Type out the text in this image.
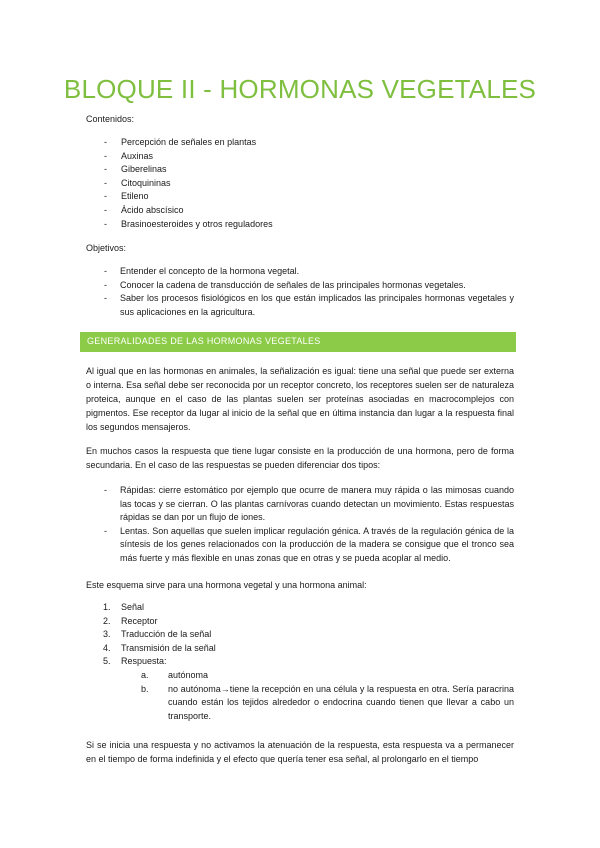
BLOQUE II - HORMONAS VEGETALES

Contenidos:

- Percepción de señales en plantas
- Auxinas
- Giberelinas
- Citoquininas
- Etileno
- Ácido abscísico
- Brasinoesteroides y otros reguladores

Objetivos:

- Entender el concepto de la hormona vegetal.
- Conocer la cadena de transducción de señales de las principales hormonas vegetales.
- Saber los procesos fisiológicos en los que están implicados las principales hormonas vegetales y sus aplicaciones en la agricultura.
GENERALIDADES DE LAS HORMONAS VEGETALES

Al igual que en las hormonas en animales, la señalización es igual: tiene una señal que puede ser externa o interna. Esa señal debe ser reconocida por un receptor concreto, los receptores suelen ser de naturaleza proteica, aunque en el caso de las plantas suelen ser proteínas asociadas en macrocomplejos con pigmentos. Ese receptor da lugar al inicio de la señal que en última instancia dan lugar a la respuesta final los segundos mensajeros.

En muchos casos la respuesta que tiene lugar consiste en la producción de una hormona, pero de forma secundaria. En el caso de las respuestas se pueden diferenciar dos tipos:

- Rápidas: cierre estomático por ejemplo que ocurre de manera muy rápida o las mimosas cuando las tocas y se cierran. O las plantas carnívoras cuando detectan un movimiento. Estas respuestas rápidas se dan por un flujo de iones.
- Lentas. Son aquellas que suelen implicar regulación génica. A través de la regulación génica de la síntesis de los genes relacionados con la producción de la madera se consigue que el tronco sea más fuerte y más flexible en unas zonas que en otras y se pueda acoplar al medio.

Este esquema sirve para una hormona vegetal y una hormona animal:

1. Señal
2. Receptor
3. Traducción de la señal
4. Transmisión de la señal
5. Respuesta:
a. autónoma
b. no autónoma→tiene la recepción en una célula y la respuesta en otra. Sería paracrina cuando están los tejidos alrededor o endocrina cuando tienen que llevar a cabo un transporte.

Si se inicia una respuesta y no activamos la atenuación de la respuesta, esta respuesta va a permanecer en el tiempo de forma indefinida y el efecto que quería tener esa señal, al prolongarlo en el tiempo
